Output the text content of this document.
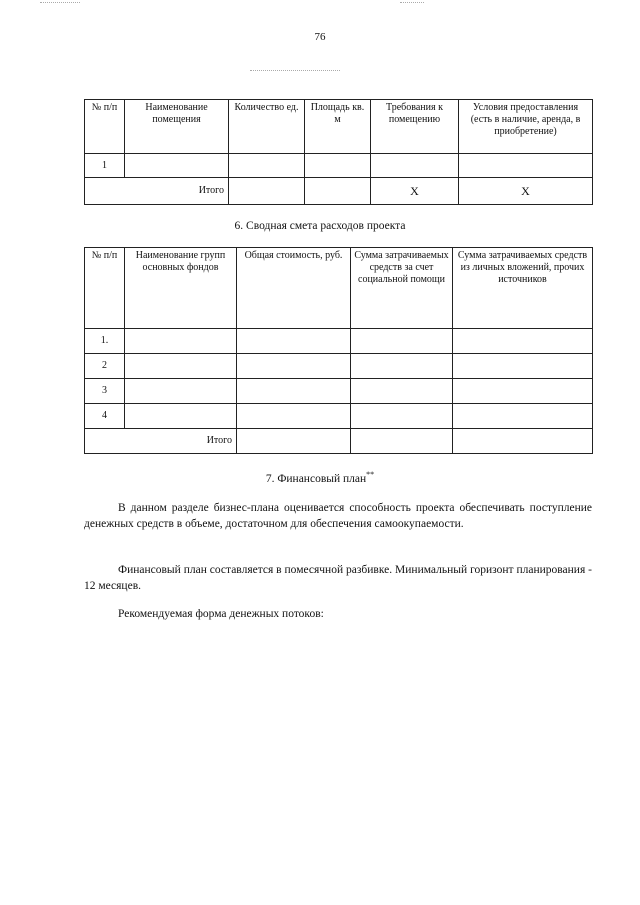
76
№ п/п	Наименование помещения	Количество ед.	Площадь кв. м	Требования к помещению	Условия предоставления (есть в наличие, аренда, в приобретение)
1					
Итого				Х	Х
6. Сводная смета расходов проекта
№ п/п	Наименование групп основных фондов	Общая стоимость, руб.	Сумма затрачиваемых средств за счет социальной помощи	Сумма затрачиваемых средств из личных вложений, прочих источников
1.				
2				
3				
4				
Итого				
7. Финансовый план**
В данном разделе бизнес-плана оценивается способность проекта обеспечивать поступление денежных средств в объеме, достаточном для обеспечения самоокупаемости.
Финансовый план составляется в помесячной разбивке. Минимальный горизонт планирования - 12 месяцев.
Рекомендуемая форма денежных потоков:
